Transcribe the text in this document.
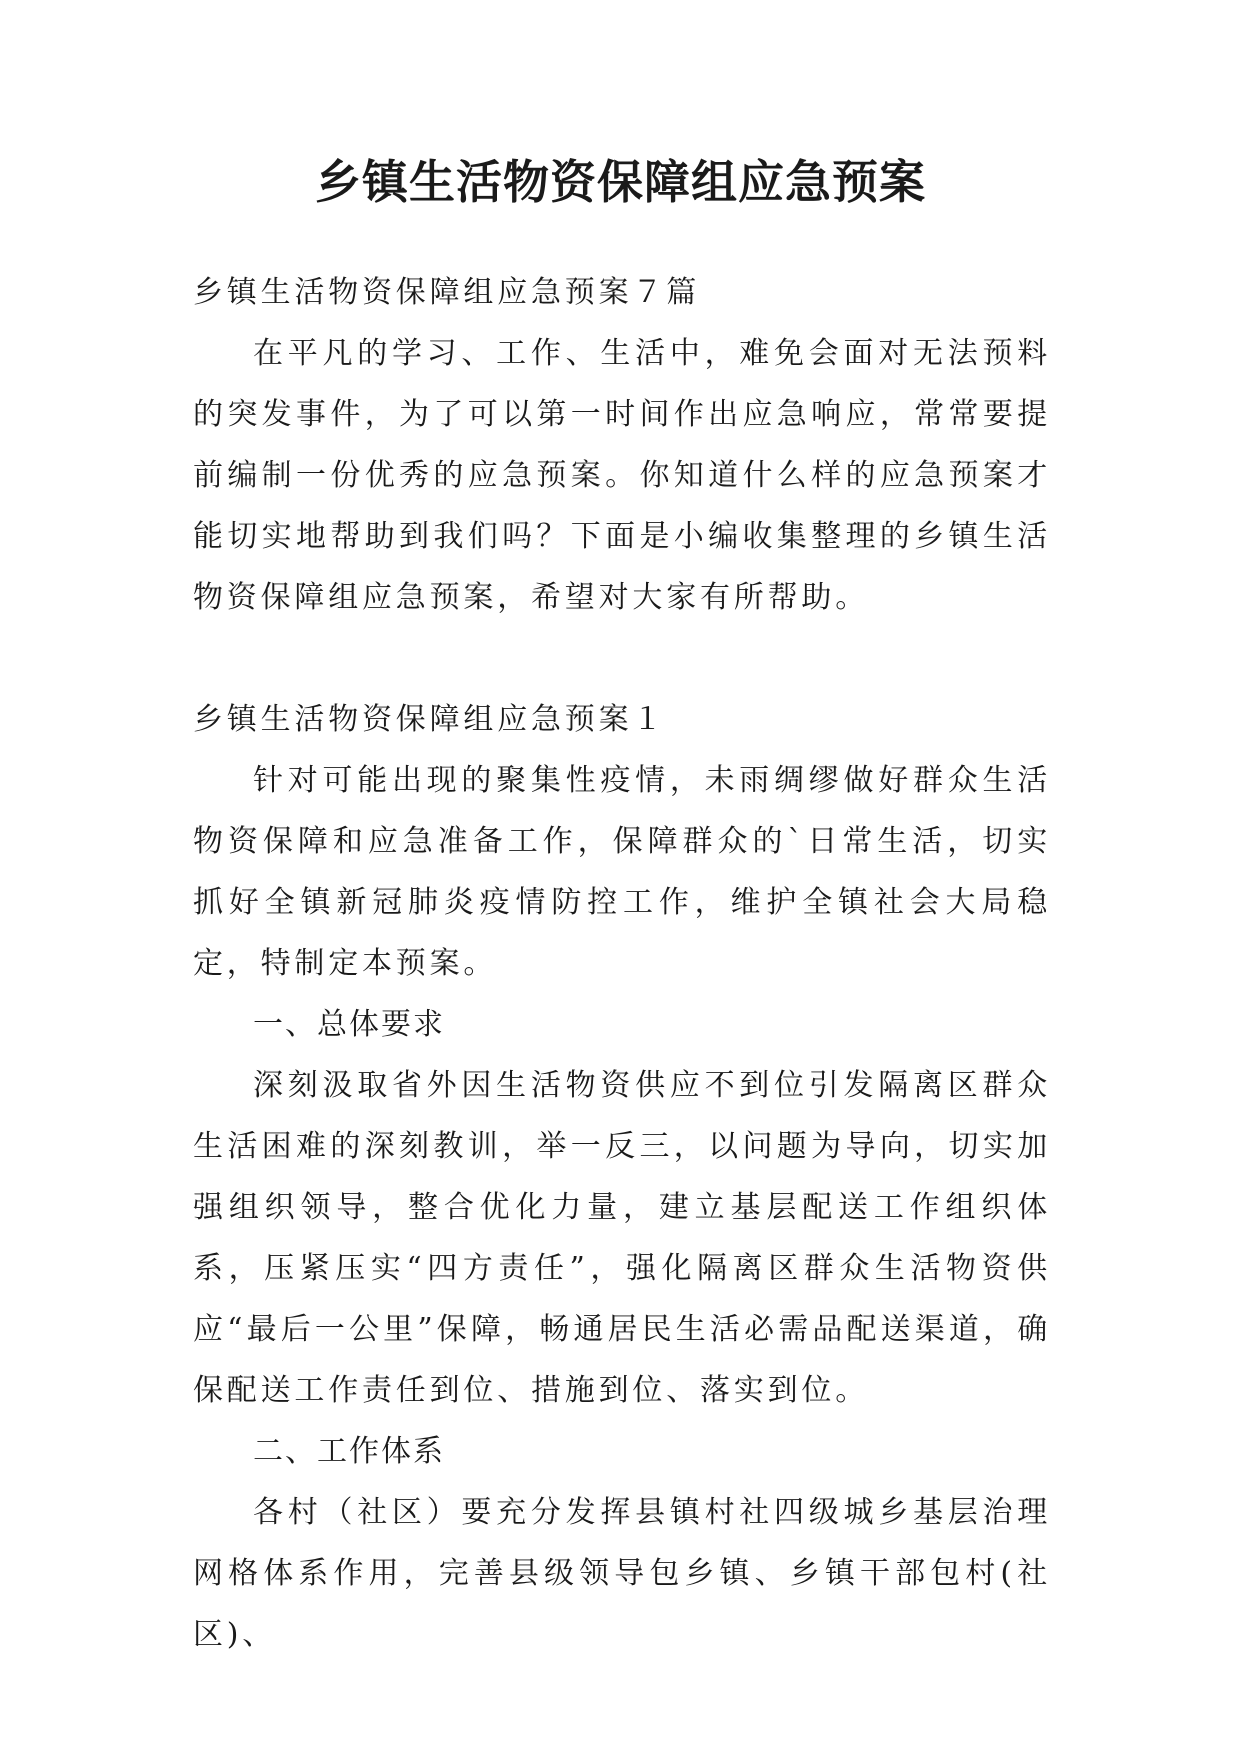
乡镇生活物资保障组应急预案

乡镇生活物资保障组应急预案７篇

在平凡的学习、工作、生活中，难免会面对无法预料的突发事件，为了可以第一时间作出应急响应，常常要提前编制一份优秀的应急预案。你知道什么样的应急预案才能切实地帮助到我们吗？下面是小编收集整理的乡镇生活物资保障组应急预案，希望对大家有所帮助。

乡镇生活物资保障组应急预案１

针对可能出现的聚集性疫情，未雨绸缪做好群众生活物资保障和应急准备工作，保障群众的`日常生活，切实抓好全镇新冠肺炎疫情防控工作，维护全镇社会大局稳定，特制定本预案。

一、总体要求

深刻汲取省外因生活物资供应不到位引发隔离区群众生活困难的深刻教训，举一反三，以问题为导向，切实加强组织领导，整合优化力量，建立基层配送工作组织体系，压紧压实“四方责任”，强化隔离区群众生活物资供应“最后一公里”保障，畅通居民生活必需品配送渠道，确保配送工作责任到位、措施到位、落实到位。

二、工作体系

各村（社区）要充分发挥县镇村社四级城乡基层治理网格体系作用，完善县级领导包乡镇、乡镇干部包村(社区)、
